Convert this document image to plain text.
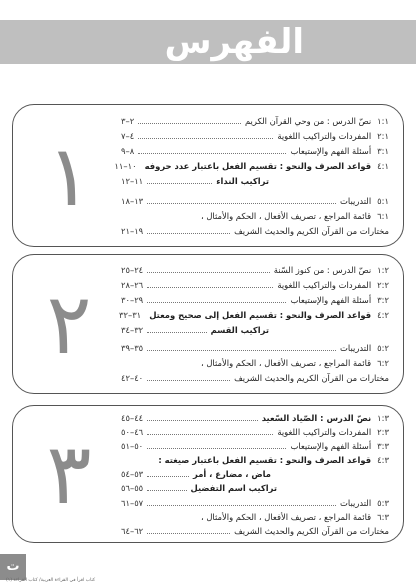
الفهرس
١
١:١
نصّ الدرس : من وحي القرآن الكريم
٢–٣
٢:١
المفردات والتراكيب اللغوية
٤–٧
٣:١
أسئلة الفهم والإستيعاب
٨–٩
٤:١
قواعد الصرف والنحو : تقسيم الفعل باعتبار عدد حروفه
١٠–١١
تراكيب النداء
١١–١٢
٥:١
التدريبات
١٣–١٨
٦:١
قائمة المراجع ، تصريف الأفعال ، الحكم والأمثال ،
مختارات من القرآن الكريم والحديث الشريف
١٩–٢١
٢
١:٢
نصّ الدرس : من كنوز السّنة
٢٤–٢٥
٢:٢
المفردات والتراكيب اللغوية
٢٦–٢٨
٣:٢
أسئلة الفهم والإستيعاب
٢٩–٣٠
٤:٢
قواعد الصرف والنحو : تقسيم الفعل إلى صحيح ومعتل
٣١–٣٢
تراكيب القسم
٣٢–٣٤
٥:٢
التدريبات
٣٥–٣٩
٦:٢
قائمة المراجع ، تصريف الأفعال ، الحكم والأمثال ،
مختارات من القرآن الكريم والحديث الشريف
٤٠–٤٢
٣
١:٣
نصّ الدرس : الصّياد السّعيد
٤٤–٤٥
٢:٣
المفردات والتراكيب اللغوية
٤٦–٥٠
٣:٣
أسئلة الفهم والإستيعاب
٥٠–٥١
٤:٣
قواعد الصرف والنحو : تقسيم الفعل باعتبار صيغته :
ماض ، مضارع ، أمر
٥٣–٥٤
تراكيب اسم التفضيل
٥٥–٥٦
٥:٣
التدريبات
٥٧–٦١
٦:٣
قائمة المراجع ، تصريف الأفعال ، الحكم والأمثال ،
مختارات من القرآن الكريم والحديث الشريف
٦٢–٦٤
ت
كتاب اقرأ في القراءة العربية/ كتاب القراءة (١)
